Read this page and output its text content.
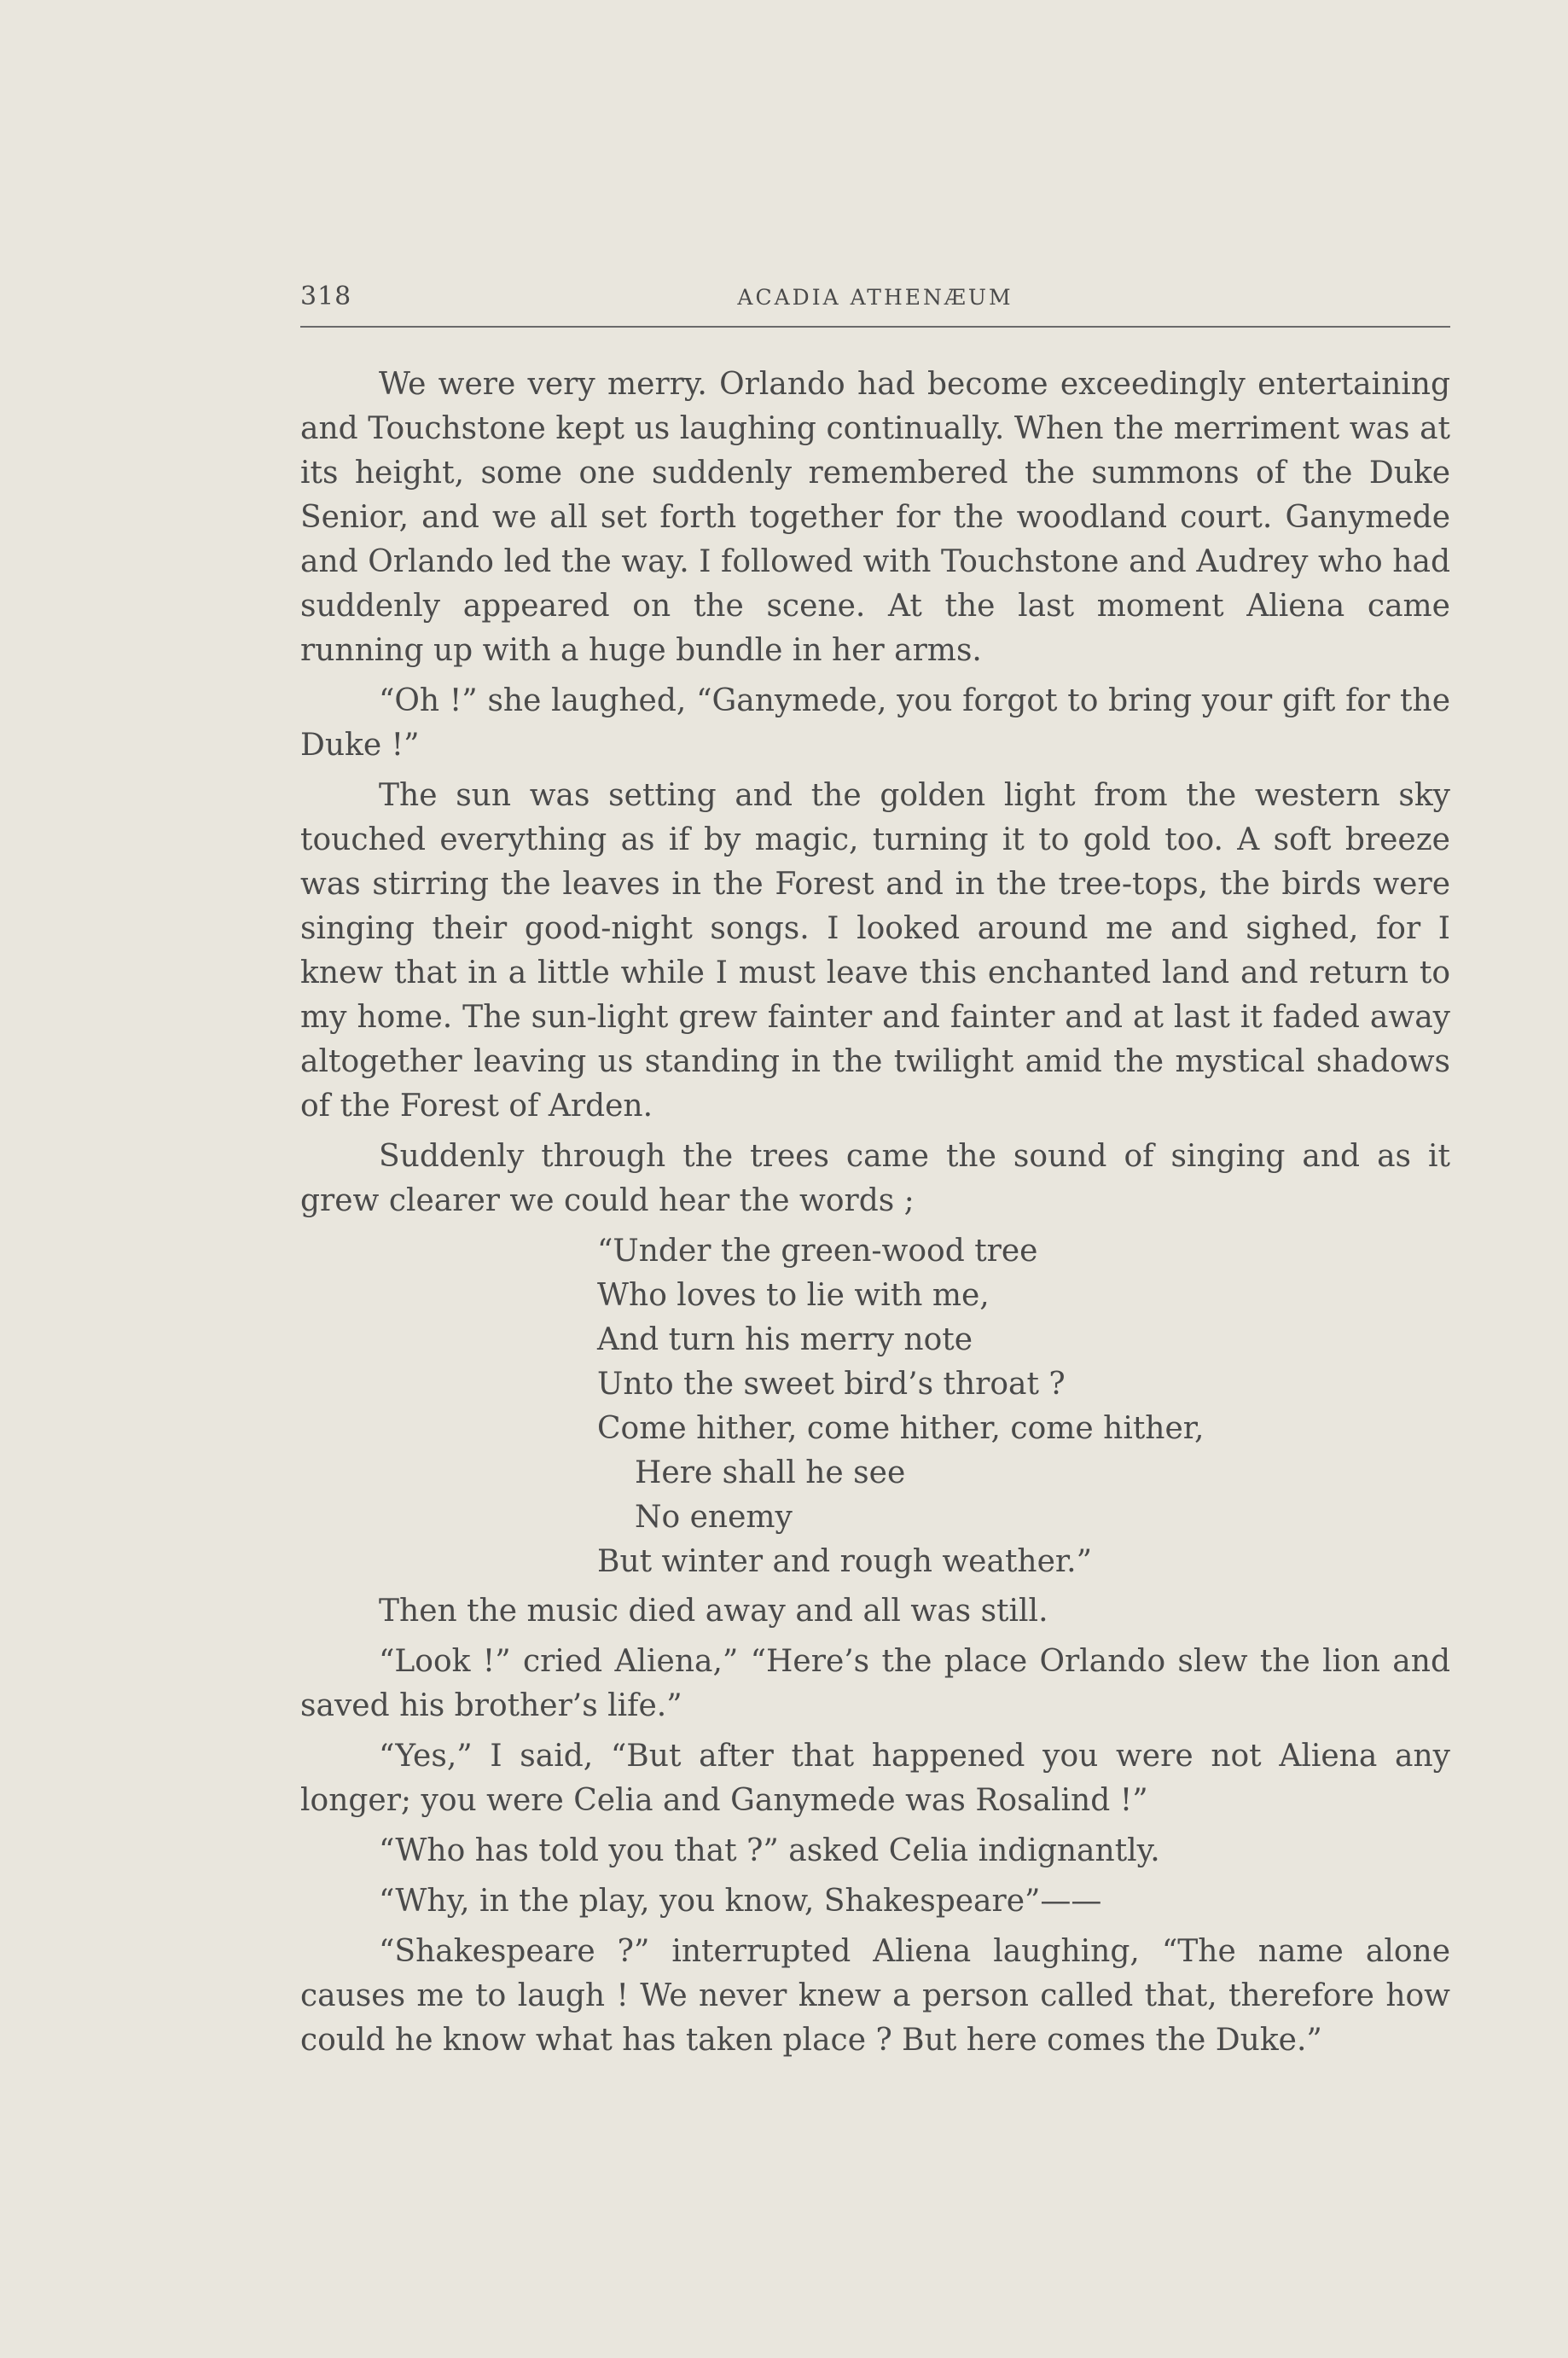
318	ACADIA ATHENÆUM

We were very merry. Orlando had become exceedingly entertaining and Touchstone kept us laughing continually. When the merriment was at its height, some one suddenly remembered the summons of the Duke Senior, and we all set forth together for the woodland court. Ganymede and Orlando led the way. I followed with Touchstone and Audrey who had suddenly appeared on the scene. At the last moment Aliena came running up with a huge bundle in her arms.

“Oh !” she laughed, “Ganymede, you forgot to bring your gift for the Duke !”

The sun was setting and the golden light from the western sky touched everything as if by magic, turning it to gold too. A soft breeze was stirring the leaves in the Forest and in the tree-tops, the birds were singing their good-night songs. I looked around me and sighed, for I knew that in a little while I must leave this enchanted land and return to my home. The sun-light grew fainter and fainter and at last it faded away altogether leaving us standing in the twilight amid the mystical shadows of the Forest of Arden.

Suddenly through the trees came the sound of singing and as it grew clearer we could hear the words ;

“Under the green-wood tree
Who loves to lie with me,
And turn his merry note
Unto the sweet bird’s throat ?
Come hither, come hither, come hither,
Here shall he see
No enemy
But winter and rough weather.”

Then the music died away and all was still.

“Look !” cried Aliena,” “Here’s the place Orlando slew the lion and saved his brother’s life.”

“Yes,” I said, “But after that happened you were not Aliena any longer; you were Celia and Ganymede was Rosalind !”

“Who has told you that ?” asked Celia indignantly.

“Why, in the play, you know, Shakespeare”——

“Shakespeare ?” interrupted Aliena laughing, “The name alone causes me to laugh ! We never knew a person called that, therefore how could he know what has taken place ? But here comes the Duke.”
